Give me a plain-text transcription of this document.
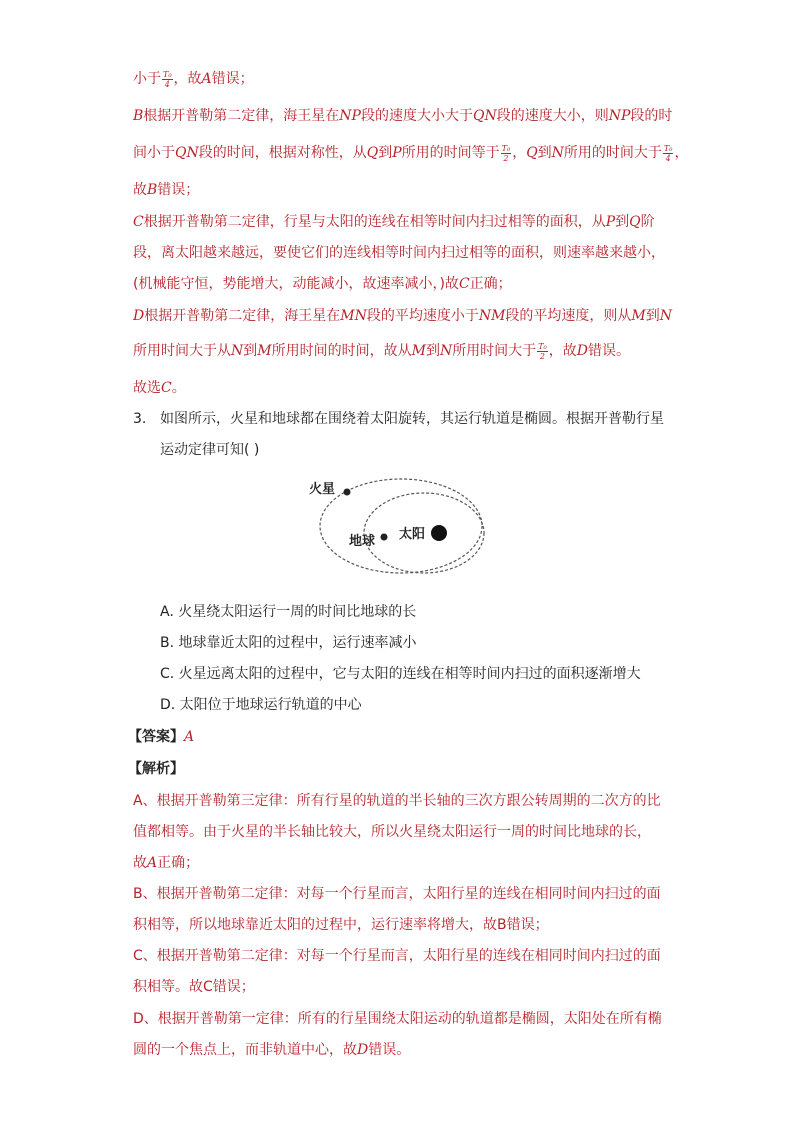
小于 $\frac{\text{T₀}}{4}$ ，故A错误；
B根据开普勒第二定律，海王星在NP段的速度大小大于QN段的速度大小，则NP段的时
间小于QN段的时间，根据对称性，从Q到P所用的时间等于 $\frac{\text{T₀}}{2}$ ，Q到N所用的时间大于 $\frac{\text{T₀}}{4}$ ，
故B错误；
C根据开普勒第二定律，行星与太阳的连线在相等时间内扫过相等的面积，从P到Q阶
段，离太阳越来越远，要使它们的连线相等时间内扫过相等的面积，则速率越来越小，
(机械能守恒，势能增大，动能减小，故速率减小，)故C正确；
D根据开普勒第二定律，海王星在MN段的平均速度小于NM段的平均速度，则从M到N
所用时间大于从N到M所用时间的时间，故从M到N所用时间大于 $\frac{\text{T₀}}{2}$ ，故D错误。
故选C。
3. 如图所示，火星和地球都在围绕着太阳旋转，其运行轨道是椭圆。根据开普勒行星
运动定律可知( )
火星
地球 太阳
A. 火星绕太阳运行一周的时间比地球的长
B. 地球靠近太阳的过程中，运行速率减小
C. 火星远离太阳的过程中，它与太阳的连线在相等时间内扫过的面积逐渐增大
D. 太阳位于地球运行轨道的中心
【答案】A
【解析】
A、根据开普勒第三定律：所有行星的轨道的半长轴的三次方跟公转周期的二次方的比
值都相等。由于火星的半长轴比较大，所以火星绕太阳运行一周的时间比地球的长，
故A正确；
B、根据开普勒第二定律：对每一个行星而言，太阳行星的连线在相同时间内扫过的面
积相等，所以地球靠近太阳的过程中，运行速率将增大，故B错误；
C、根据开普勒第二定律：对每一个行星而言，太阳行星的连线在相同时间内扫过的面
积相等。故C错误；
D、根据开普勒第一定律：所有的行星围绕太阳运动的轨道都是椭圆，太阳处在所有椭
圆的一个焦点上，而非轨道中心，故D错误。
